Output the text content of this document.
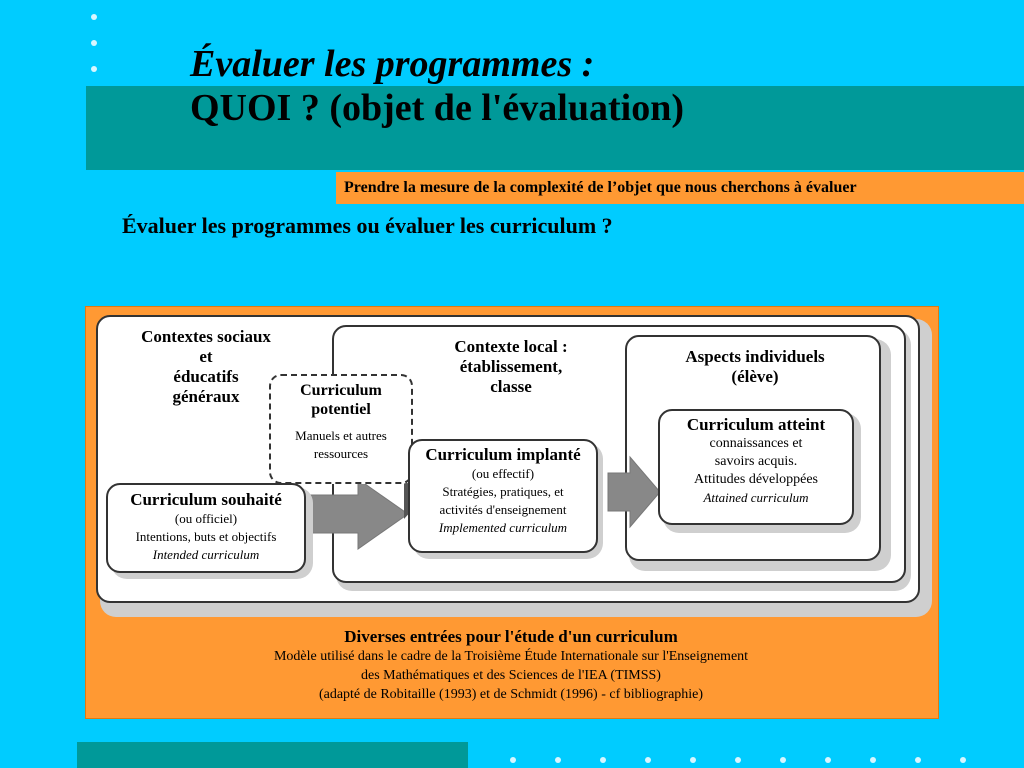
Évaluer les programmes :
QUOI ? (objet de l'évaluation)
Prendre la mesure de la complexité de l’objet que nous cherchons à évaluer

Évaluer les programmes ou évaluer les curriculum ?

Contextes sociaux
et
éducatifs
généraux
Contexte local :
établissement,
classe
Aspects individuels
(élève)
Curriculum
potentiel
Manuels et autres
ressources
Curriculum souhaité
(ou officiel)
Intentions, buts et objectifs
Intended curriculum
Curriculum implanté
(ou effectif)
Stratégies, pratiques, et
activités d'enseignement
Implemented curriculum
Curriculum atteint
connaissances et
savoirs acquis.
Attitudes développées
Attained curriculum
Diverses entrées pour l'étude d'un curriculum
Modèle utilisé dans le cadre de la Troisième Étude Internationale sur l'Enseignement
des Mathématiques et des Sciences de l'IEA (TIMSS)
(adapté de Robitaille (1993) et de Schmidt (1996) - cf bibliographie)
